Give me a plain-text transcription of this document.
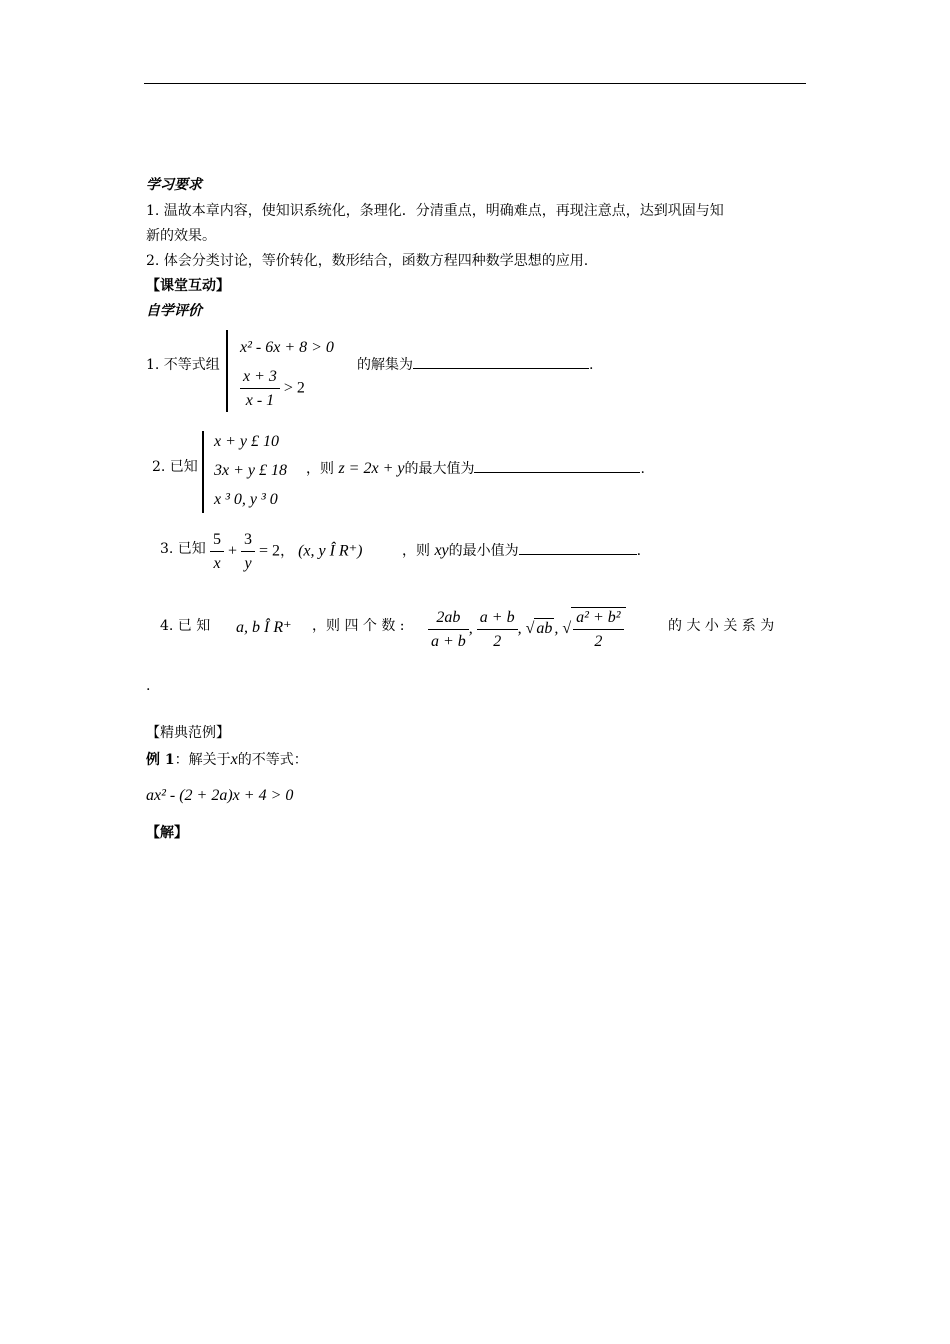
学习要求
1. 温故本章内容，使知识系统化，条理化．分清重点，明确难点，再现注意点，达到巩固与知
新的效果。
2. 体会分类讨论，等价转化，数形结合，函数方程四种数学思想的应用.
【课堂互动】
自学评价
1. 不等式组
x² - 6x + 8 > 0
$\frac{x + 3}{x - 1} > 2$
的解集为	.
2. 已知
x + y £ 10
3x + y £ 18
x ³ 0, y ³ 0
，则 z = 2x + y的最大值为	.
3. 已知 $\frac{5}{x} + \frac{3}{y} = 2$， (x, y Î R⁺)	，则 xy的最小值为	.
4. 已 知 a, b Î R⁺ ，则 四 个 数 : $\frac{2ab}{a + b}$ , $\frac{a + b}{2}$ , √ ab , √ $\frac{\text{a² + b²}}{2}$	的 大 小 关 系 为
.
【精典范例】
例 1：解关于x的不等式：
ax² - (2 + 2a)x + 4 > 0
【解】
